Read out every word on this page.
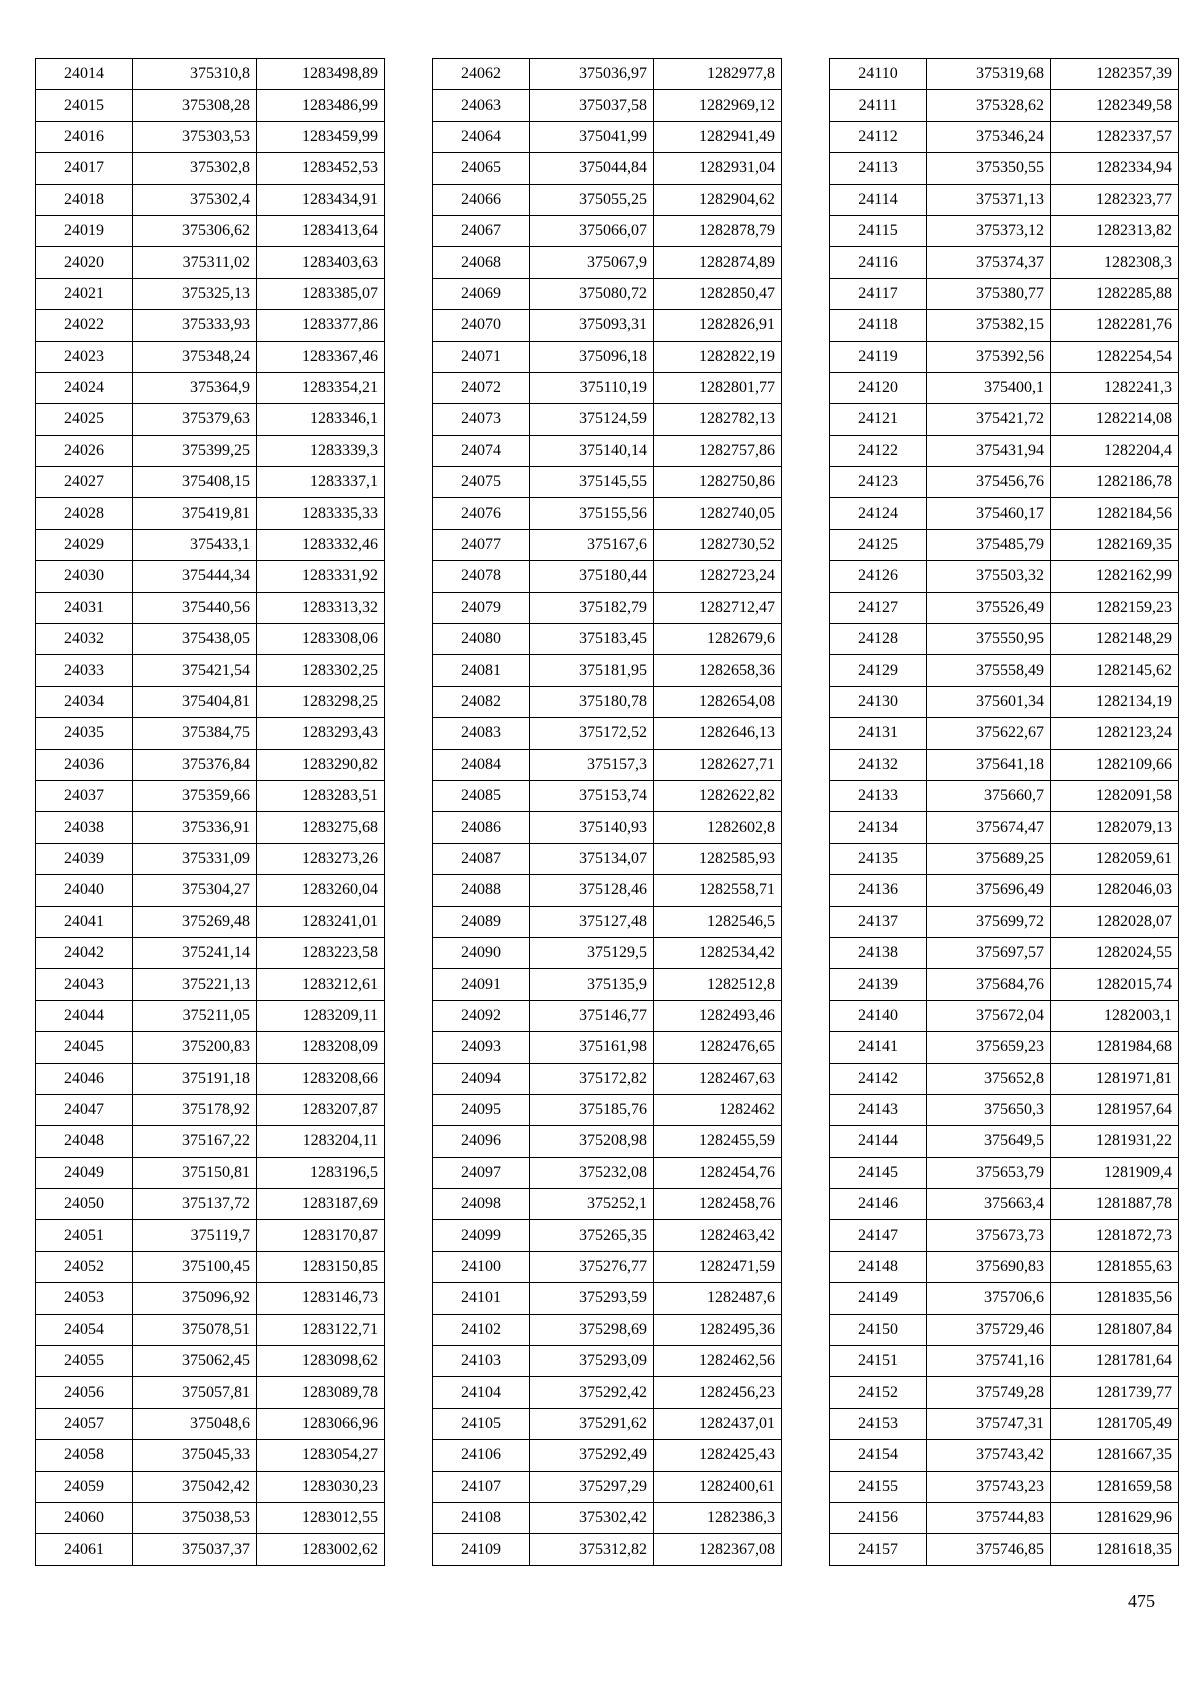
24014	375310,8	1283498,89
24015	375308,28	1283486,99
24016	375303,53	1283459,99
24017	375302,8	1283452,53
24018	375302,4	1283434,91
24019	375306,62	1283413,64
24020	375311,02	1283403,63
24021	375325,13	1283385,07
24022	375333,93	1283377,86
24023	375348,24	1283367,46
24024	375364,9	1283354,21
24025	375379,63	1283346,1
24026	375399,25	1283339,3
24027	375408,15	1283337,1
24028	375419,81	1283335,33
24029	375433,1	1283332,46
24030	375444,34	1283331,92
24031	375440,56	1283313,32
24032	375438,05	1283308,06
24033	375421,54	1283302,25
24034	375404,81	1283298,25
24035	375384,75	1283293,43
24036	375376,84	1283290,82
24037	375359,66	1283283,51
24038	375336,91	1283275,68
24039	375331,09	1283273,26
24040	375304,27	1283260,04
24041	375269,48	1283241,01
24042	375241,14	1283223,58
24043	375221,13	1283212,61
24044	375211,05	1283209,11
24045	375200,83	1283208,09
24046	375191,18	1283208,66
24047	375178,92	1283207,87
24048	375167,22	1283204,11
24049	375150,81	1283196,5
24050	375137,72	1283187,69
24051	375119,7	1283170,87
24052	375100,45	1283150,85
24053	375096,92	1283146,73
24054	375078,51	1283122,71
24055	375062,45	1283098,62
24056	375057,81	1283089,78
24057	375048,6	1283066,96
24058	375045,33	1283054,27
24059	375042,42	1283030,23
24060	375038,53	1283012,55
24061	375037,37	1283002,62
24062	375036,97	1282977,8
24063	375037,58	1282969,12
24064	375041,99	1282941,49
24065	375044,84	1282931,04
24066	375055,25	1282904,62
24067	375066,07	1282878,79
24068	375067,9	1282874,89
24069	375080,72	1282850,47
24070	375093,31	1282826,91
24071	375096,18	1282822,19
24072	375110,19	1282801,77
24073	375124,59	1282782,13
24074	375140,14	1282757,86
24075	375145,55	1282750,86
24076	375155,56	1282740,05
24077	375167,6	1282730,52
24078	375180,44	1282723,24
24079	375182,79	1282712,47
24080	375183,45	1282679,6
24081	375181,95	1282658,36
24082	375180,78	1282654,08
24083	375172,52	1282646,13
24084	375157,3	1282627,71
24085	375153,74	1282622,82
24086	375140,93	1282602,8
24087	375134,07	1282585,93
24088	375128,46	1282558,71
24089	375127,48	1282546,5
24090	375129,5	1282534,42
24091	375135,9	1282512,8
24092	375146,77	1282493,46
24093	375161,98	1282476,65
24094	375172,82	1282467,63
24095	375185,76	1282462
24096	375208,98	1282455,59
24097	375232,08	1282454,76
24098	375252,1	1282458,76
24099	375265,35	1282463,42
24100	375276,77	1282471,59
24101	375293,59	1282487,6
24102	375298,69	1282495,36
24103	375293,09	1282462,56
24104	375292,42	1282456,23
24105	375291,62	1282437,01
24106	375292,49	1282425,43
24107	375297,29	1282400,61
24108	375302,42	1282386,3
24109	375312,82	1282367,08
24110	375319,68	1282357,39
24111	375328,62	1282349,58
24112	375346,24	1282337,57
24113	375350,55	1282334,94
24114	375371,13	1282323,77
24115	375373,12	1282313,82
24116	375374,37	1282308,3
24117	375380,77	1282285,88
24118	375382,15	1282281,76
24119	375392,56	1282254,54
24120	375400,1	1282241,3
24121	375421,72	1282214,08
24122	375431,94	1282204,4
24123	375456,76	1282186,78
24124	375460,17	1282184,56
24125	375485,79	1282169,35
24126	375503,32	1282162,99
24127	375526,49	1282159,23
24128	375550,95	1282148,29
24129	375558,49	1282145,62
24130	375601,34	1282134,19
24131	375622,67	1282123,24
24132	375641,18	1282109,66
24133	375660,7	1282091,58
24134	375674,47	1282079,13
24135	375689,25	1282059,61
24136	375696,49	1282046,03
24137	375699,72	1282028,07
24138	375697,57	1282024,55
24139	375684,76	1282015,74
24140	375672,04	1282003,1
24141	375659,23	1281984,68
24142	375652,8	1281971,81
24143	375650,3	1281957,64
24144	375649,5	1281931,22
24145	375653,79	1281909,4
24146	375663,4	1281887,78
24147	375673,73	1281872,73
24148	375690,83	1281855,63
24149	375706,6	1281835,56
24150	375729,46	1281807,84
24151	375741,16	1281781,64
24152	375749,28	1281739,77
24153	375747,31	1281705,49
24154	375743,42	1281667,35
24155	375743,23	1281659,58
24156	375744,83	1281629,96
24157	375746,85	1281618,35
475
